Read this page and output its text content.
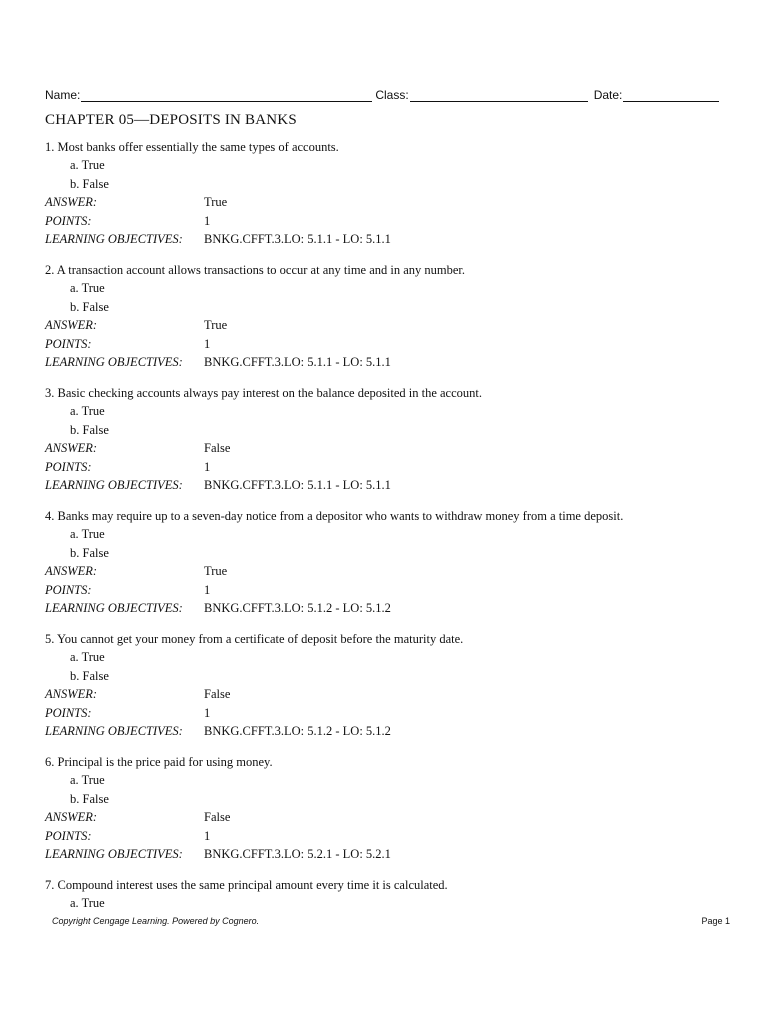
Name:	Class:	Date:
CHAPTER 05—DEPOSITS IN BANKS
1. Most banks offer essentially the same types of accounts.
a. True
b. False
ANSWER:	True
POINTS:	1
LEARNING OBJECTIVES:	BNKG.CFFT.3.LO: 5.1.1 - LO: 5.1.1
2. A transaction account allows transactions to occur at any time and in any number.
a. True
b. False
ANSWER:	True
POINTS:	1
LEARNING OBJECTIVES:	BNKG.CFFT.3.LO: 5.1.1 - LO: 5.1.1
3. Basic checking accounts always pay interest on the balance deposited in the account.
a. True
b. False
ANSWER:	False
POINTS:	1
LEARNING OBJECTIVES:	BNKG.CFFT.3.LO: 5.1.1 - LO: 5.1.1
4. Banks may require up to a seven-day notice from a depositor who wants to withdraw money from a time deposit.
a. True
b. False
ANSWER:	True
POINTS:	1
LEARNING OBJECTIVES:	BNKG.CFFT.3.LO: 5.1.2 - LO: 5.1.2
5. You cannot get your money from a certificate of deposit before the maturity date.
a. True
b. False
ANSWER:	False
POINTS:	1
LEARNING OBJECTIVES:	BNKG.CFFT.3.LO: 5.1.2 - LO: 5.1.2
6. Principal is the price paid for using money.
a. True
b. False
ANSWER:	False
POINTS:	1
LEARNING OBJECTIVES:	BNKG.CFFT.3.LO: 5.2.1 - LO: 5.2.1
7. Compound interest uses the same principal amount every time it is calculated.
a. True
Copyright Cengage Learning. Powered by Cognero.	Page 1
